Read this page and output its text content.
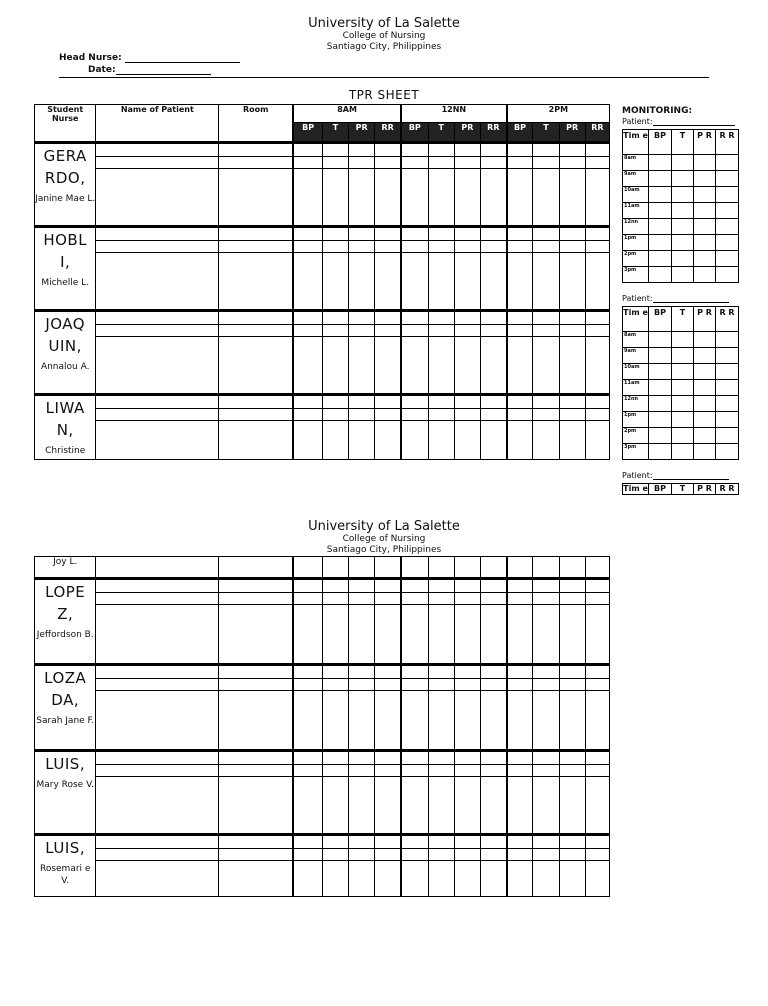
University of La Salette
College of Nursing
Santiago City, Philippines
Head Nurse:
Date:
TPR SHEET
Student Nurse	Name of Patient	Room	8AM				12NN				2PM			
			BP	T	PR	RR	BP	T	PR	RR	BP	T	PR	RR

GERA RDO,
Janine Mae L.														

HOBL I,
Michelle L.														

JOAQ UIN,
Annalou A.														

LIWA N,
Christine														

MONITORING:
Patient:
Tim e	BP	T	P R	R R
8am				
9am				
10am				
11am				
12nn				
1pm				
2pm				
3pm				
Patient:
Tim e	BP	T	P R	R R
8am				
9am				
10am				
11am				
12nn				
1pm				
2pm				
3pm				
Patient:
Tim e	BP	T	P R	R R
University of La Salette
College of Nursing
Santiago City, Philippines
Joy L.														

LOPE Z,
Jeffordson B.														

LOZA DA,
Sarah Jane F.														

LUIS,
Mary Rose V.														

LUIS,
Rosemari e V.														
